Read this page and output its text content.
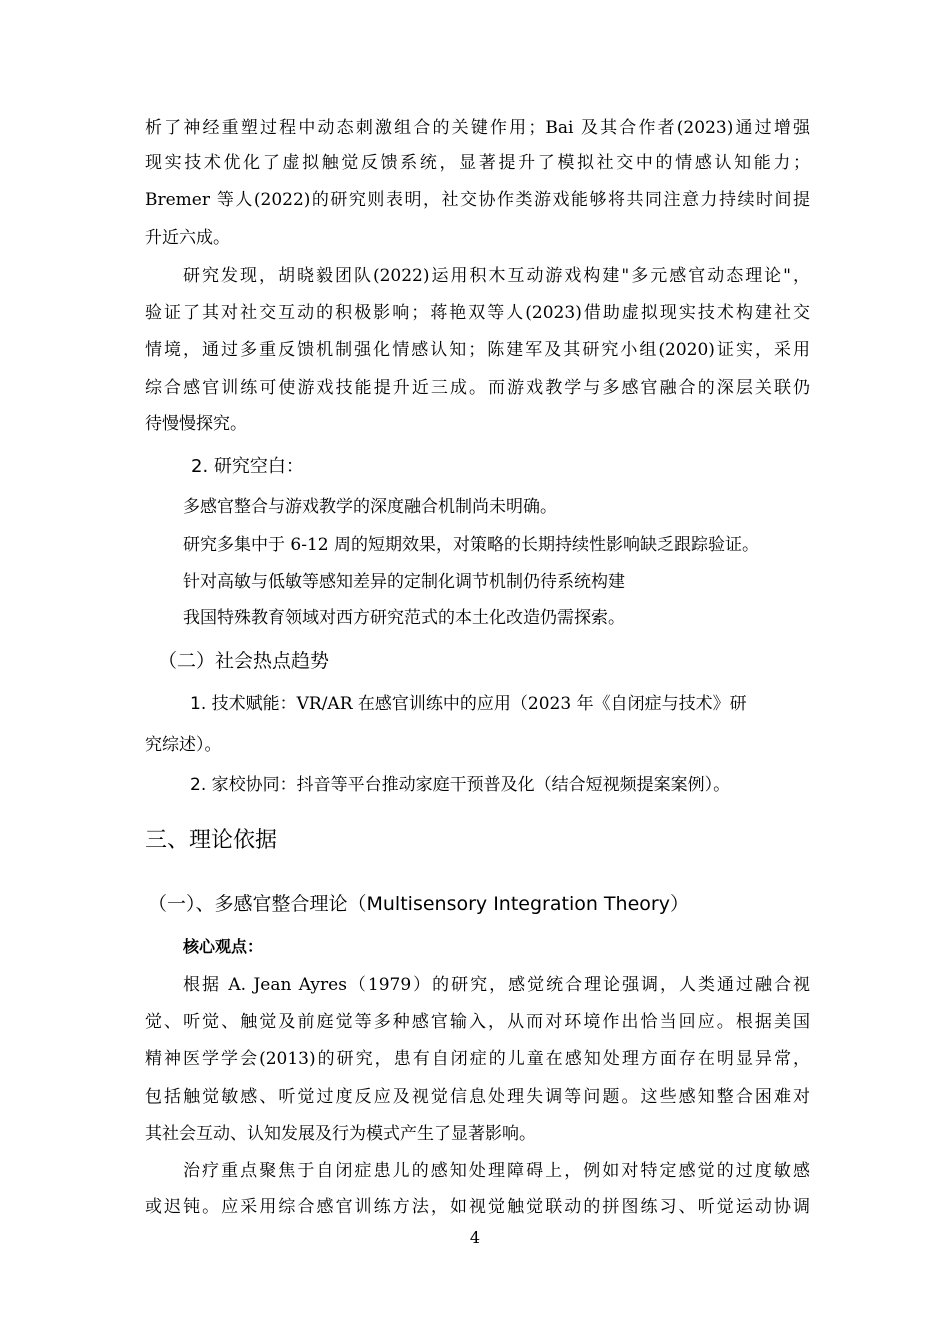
析了神经重塑过程中动态刺激组合的关键作用；Bai 及其合作者(2023)通过增强
现实技术优化了虚拟触觉反馈系统，显著提升了模拟社交中的情感认知能力；
Bremer 等人(2022)的研究则表明，社交协作类游戏能够将共同注意力持续时间提
升近六成。
研究发现，胡晓毅团队(2022)运用积木互动游戏构建"多元感官动态理论"，
验证了其对社交互动的积极影响；蒋艳双等人(2023)借助虚拟现实技术构建社交
情境，通过多重反馈机制强化情感认知；陈建军及其研究小组(2020)证实，采用
综合感官训练可使游戏技能提升近三成。而游戏教学与多感官融合的深层关联仍
待慢慢探究。
2. 研究空白：
多感官整合与游戏教学的深度融合机制尚未明确。
研究多集中于 6-12 周的短期效果，对策略的长期持续性影响缺乏跟踪验证。
针对高敏与低敏等感知差异的定制化调节机制仍待系统构建
我国特殊教育领域对西方研究范式的本土化改造仍需探索。
（二）社会热点趋势
1. 技术赋能：VR/AR 在感官训练中的应用（2023 年《自闭症与技术》研
究综述）。
2. 家校协同：抖音等平台推动家庭干预普及化（结合短视频提案案例）。
三、理论依据
（一）、多感官整合理论（Multisensory Integration Theory）
核心观点：
根据 A. Jean Ayres（1979）的研究，感觉统合理论强调，人类通过融合视
觉、听觉、触觉及前庭觉等多种感官输入，从而对环境作出恰当回应。根据美国
精神医学学会(2013)的研究，患有自闭症的儿童在感知处理方面存在明显异常，
包括触觉敏感、听觉过度反应及视觉信息处理失调等问题。这些感知整合困难对
其社会互动、认知发展及行为模式产生了显著影响。
治疗重点聚焦于自闭症患儿的感知处理障碍上，例如对特定感觉的过度敏感
或迟钝。应采用综合感官训练方法，如视觉触觉联动的拼图练习、听觉运动协调
4
